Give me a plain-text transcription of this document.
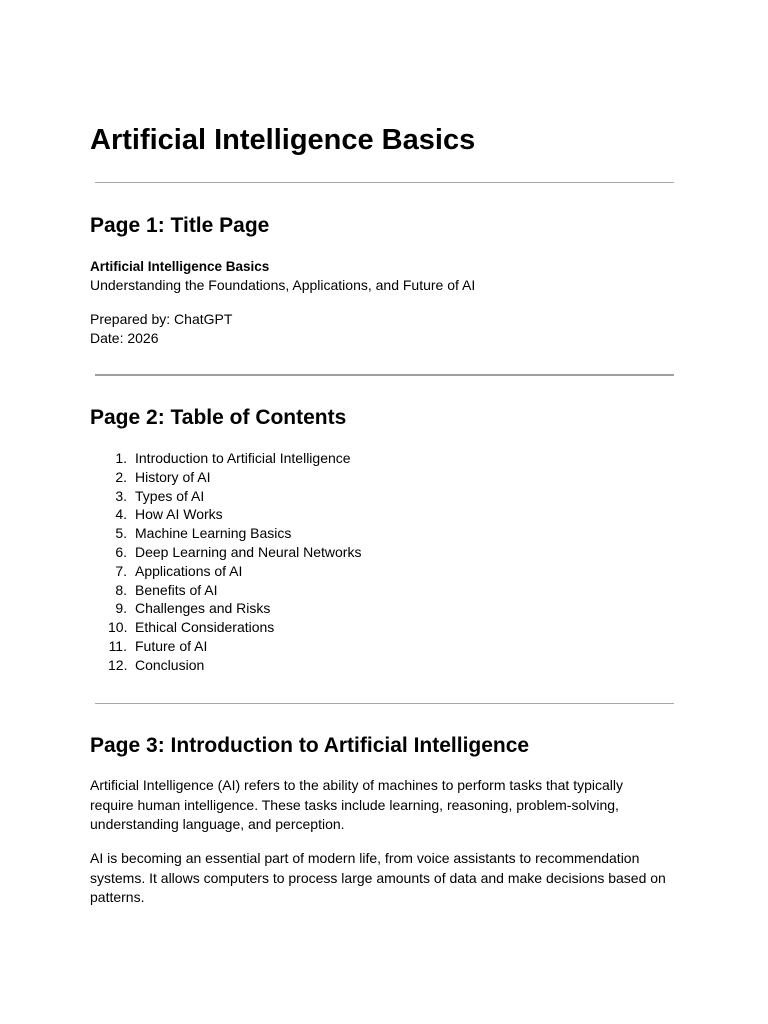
Artificial Intelligence Basics
Page 1: Title Page

Artificial Intelligence Basics

Understanding the Foundations, Applications, and Future of AI

Prepared by: ChatGPT

Date: 2026

Page 2: Table of Contents
1. Introduction to Artificial Intelligence
2. History of AI
3. Types of AI
4. How AI Works
5. Machine Learning Basics
6. Deep Learning and Neural Networks
7. Applications of AI
8. Benefits of AI
9. Challenges and Risks
10. Ethical Considerations
11. Future of AI
12. Conclusion
Page 3: Introduction to Artificial Intelligence

Artificial Intelligence (AI) refers to the ability of machines to perform tasks that typically require human intelligence. These tasks include learning, reasoning, problem-solving, understanding language, and perception.

AI is becoming an essential part of modern life, from voice assistants to recommendation systems. It allows computers to process large amounts of data and make decisions based on patterns.
